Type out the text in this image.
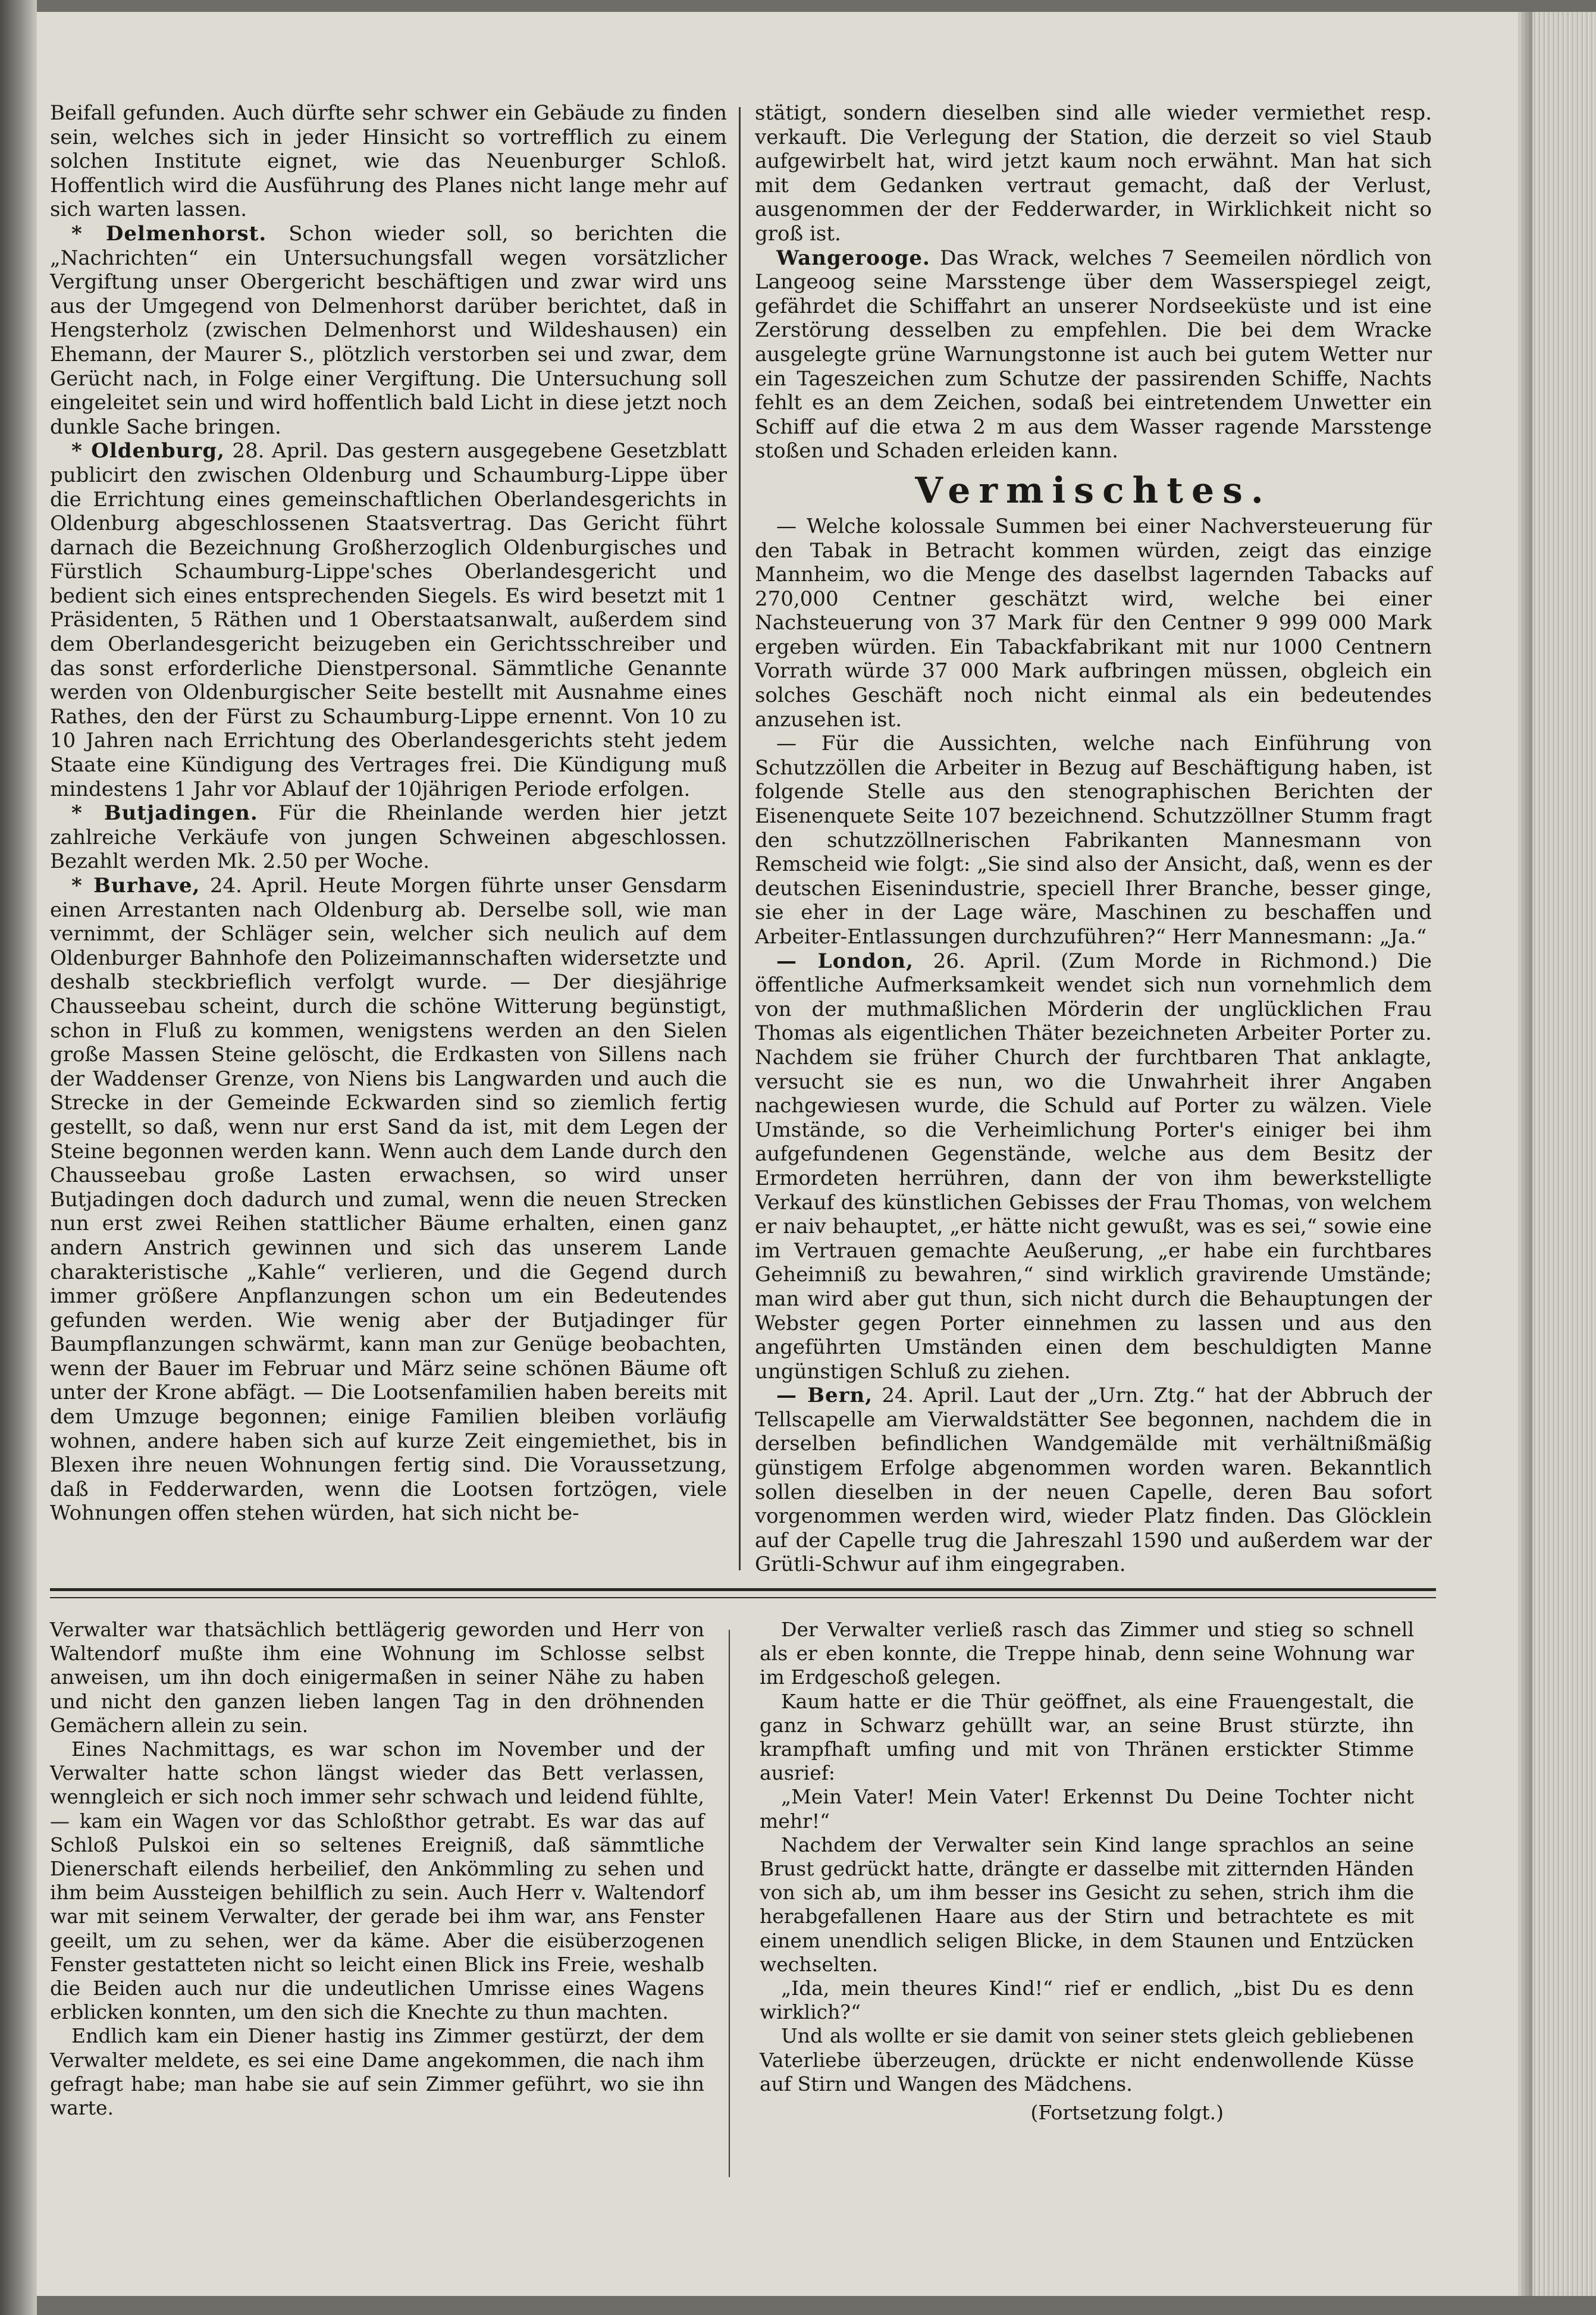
Beifall gefunden. Auch dürfte sehr schwer ein Gebäude zu finden sein, welches sich in jeder Hinsicht so vortrefflich zu einem solchen Institute eignet, wie das Neuenburger Schloß. Hoffentlich wird die Ausführung des Planes nicht lange mehr auf sich warten lassen.

* Delmenhorst. Schon wieder soll, so berichten die „Nachrichten“ ein Untersuchungsfall wegen vorsätzlicher Vergiftung unser Obergericht beschäftigen und zwar wird uns aus der Umgegend von Delmenhorst darüber berichtet, daß in Hengsterholz (zwischen Delmenhorst und Wildeshausen) ein Ehemann, der Maurer S., plötzlich verstorben sei und zwar, dem Gerücht nach, in Folge einer Vergiftung. Die Untersuchung soll eingeleitet sein und wird hoffentlich bald Licht in diese jetzt noch dunkle Sache bringen.

* Oldenburg, 28. April. Das gestern ausgegebene Gesetzblatt publicirt den zwischen Oldenburg und Schaumburg-Lippe über die Errichtung eines gemeinschaftlichen Oberlandesgerichts in Oldenburg abgeschlossenen Staatsvertrag. Das Gericht führt darnach die Bezeichnung Großherzoglich Oldenburgisches und Fürstlich Schaumburg-Lippe'sches Oberlandesgericht und bedient sich eines entsprechenden Siegels. Es wird besetzt mit 1 Präsidenten, 5 Räthen und 1 Oberstaatsanwalt, außerdem sind dem Oberlandesgericht beizugeben ein Gerichtsschreiber und das sonst erforderliche Dienstpersonal. Sämmtliche Genannte werden von Oldenburgischer Seite bestellt mit Ausnahme eines Rathes, den der Fürst zu Schaumburg-Lippe ernennt. Von 10 zu 10 Jahren nach Errichtung des Oberlandesgerichts steht jedem Staate eine Kündigung des Vertrages frei. Die Kündigung muß mindestens 1 Jahr vor Ablauf der 10jährigen Periode erfolgen.

* Butjadingen. Für die Rheinlande werden hier jetzt zahlreiche Verkäufe von jungen Schweinen abgeschlossen. Bezahlt werden Mk. 2.50 per Woche.

* Burhave, 24. April. Heute Morgen führte unser Gensdarm einen Arrestanten nach Oldenburg ab. Derselbe soll, wie man vernimmt, der Schläger sein, welcher sich neulich auf dem Oldenburger Bahnhofe den Polizeimannschaften widersetzte und deshalb steckbrieflich verfolgt wurde. — Der diesjährige Chausseebau scheint, durch die schöne Witterung begünstigt, schon in Fluß zu kommen, wenigstens werden an den Sielen große Massen Steine gelöscht, die Erdkasten von Sillens nach der Waddenser Grenze, von Niens bis Langwarden und auch die Strecke in der Gemeinde Eckwarden sind so ziemlich fertig gestellt, so daß, wenn nur erst Sand da ist, mit dem Legen der Steine begonnen werden kann. Wenn auch dem Lande durch den Chausseebau große Lasten erwachsen, so wird unser Butjadingen doch dadurch und zumal, wenn die neuen Strecken nun erst zwei Reihen stattlicher Bäume erhalten, einen ganz andern Anstrich gewinnen und sich das unserem Lande charakteristische „Kahle“ verlieren, und die Gegend durch immer größere Anpflanzungen schon um ein Bedeutendes gefunden werden. Wie wenig aber der Butjadinger für Baumpflanzungen schwärmt, kann man zur Genüge beobachten, wenn der Bauer im Februar und März seine schönen Bäume oft unter der Krone abfägt. — Die Lootsenfamilien haben bereits mit dem Umzuge begonnen; einige Familien bleiben vorläufig wohnen, andere haben sich auf kurze Zeit eingemiethet, bis in Blexen ihre neuen Wohnungen fertig sind. Die Voraussetzung, daß in Fedderwarden, wenn die Lootsen fortzögen, viele Wohnungen offen stehen würden, hat sich nicht be-

stätigt, sondern dieselben sind alle wieder vermiethet resp. verkauft. Die Verlegung der Station, die derzeit so viel Staub aufgewirbelt hat, wird jetzt kaum noch erwähnt. Man hat sich mit dem Gedanken vertraut gemacht, daß der Verlust, ausgenommen der der Fedderwarder, in Wirklichkeit nicht so groß ist.

Wangerooge. Das Wrack, welches 7 Seemeilen nördlich von Langeoog seine Marsstenge über dem Wasserspiegel zeigt, gefährdet die Schiffahrt an unserer Nordseeküste und ist eine Zerstörung desselben zu empfehlen. Die bei dem Wracke ausgelegte grüne Warnungstonne ist auch bei gutem Wetter nur ein Tageszeichen zum Schutze der passirenden Schiffe, Nachts fehlt es an dem Zeichen, sodaß bei eintretendem Unwetter ein Schiff auf die etwa 2 m aus dem Wasser ragende Marsstenge stoßen und Schaden erleiden kann.

Vermischtes.

— Welche kolossale Summen bei einer Nachversteuerung für den Tabak in Betracht kommen würden, zeigt das einzige Mannheim, wo die Menge des daselbst lagernden Tabacks auf 270,000 Centner geschätzt wird, welche bei einer Nachsteuerung von 37 Mark für den Centner 9 999 000 Mark ergeben würden. Ein Tabackfabrikant mit nur 1000 Centnern Vorrath würde 37 000 Mark aufbringen müssen, obgleich ein solches Geschäft noch nicht einmal als ein bedeutendes anzusehen ist.

— Für die Aussichten, welche nach Einführung von Schutzzöllen die Arbeiter in Bezug auf Beschäftigung haben, ist folgende Stelle aus den stenographischen Berichten der Eisenenquete Seite 107 bezeichnend. Schutzzöllner Stumm fragt den schutzzöllnerischen Fabrikanten Mannesmann von Remscheid wie folgt: „Sie sind also der Ansicht, daß, wenn es der deutschen Eisenindustrie, speciell Ihrer Branche, besser ginge, sie eher in der Lage wäre, Maschinen zu beschaffen und Arbeiter-Entlassungen durchzuführen?“ Herr Mannesmann: „Ja.“

— London, 26. April. (Zum Morde in Richmond.) Die öffentliche Aufmerksamkeit wendet sich nun vornehmlich dem von der muthmaßlichen Mörderin der unglücklichen Frau Thomas als eigentlichen Thäter bezeichneten Arbeiter Porter zu. Nachdem sie früher Church der furchtbaren That anklagte, versucht sie es nun, wo die Unwahrheit ihrer Angaben nachgewiesen wurde, die Schuld auf Porter zu wälzen. Viele Umstände, so die Verheimlichung Porter's einiger bei ihm aufgefundenen Gegenstände, welche aus dem Besitz der Ermordeten herrühren, dann der von ihm bewerkstelligte Verkauf des künstlichen Gebisses der Frau Thomas, von welchem er naiv behauptet, „er hätte nicht gewußt, was es sei,“ sowie eine im Vertrauen gemachte Aeußerung, „er habe ein furchtbares Geheimniß zu bewahren,“ sind wirklich gravirende Umstände; man wird aber gut thun, sich nicht durch die Behauptungen der Webster gegen Porter einnehmen zu lassen und aus den angeführten Umständen einen dem beschuldigten Manne ungünstigen Schluß zu ziehen.

— Bern, 24. April. Laut der „Urn. Ztg.“ hat der Abbruch der Tellscapelle am Vierwaldstätter See begonnen, nachdem die in derselben befindlichen Wandgemälde mit verhältnißmäßig günstigem Erfolge abgenommen worden waren. Bekanntlich sollen dieselben in der neuen Capelle, deren Bau sofort vorgenommen werden wird, wieder Platz finden. Das Glöcklein auf der Capelle trug die Jahreszahl 1590 und außerdem war der Grütli-Schwur auf ihm eingegraben.

Verwalter war thatsächlich bettlägerig geworden und Herr von Waltendorf mußte ihm eine Wohnung im Schlosse selbst anweisen, um ihn doch einigermaßen in seiner Nähe zu haben und nicht den ganzen lieben langen Tag in den dröhnenden Gemächern allein zu sein.

Eines Nachmittags, es war schon im November und der Verwalter hatte schon längst wieder das Bett verlassen, wenngleich er sich noch immer sehr schwach und leidend fühlte, — kam ein Wagen vor das Schloßthor getrabt. Es war das auf Schloß Pulskoi ein so seltenes Ereigniß, daß sämmtliche Dienerschaft eilends herbeilief, den Ankömmling zu sehen und ihm beim Aussteigen behilflich zu sein. Auch Herr v. Waltendorf war mit seinem Verwalter, der gerade bei ihm war, ans Fenster geeilt, um zu sehen, wer da käme. Aber die eisüberzogenen Fenster gestatteten nicht so leicht einen Blick ins Freie, weshalb die Beiden auch nur die undeutlichen Umrisse eines Wagens erblicken konnten, um den sich die Knechte zu thun machten.

Endlich kam ein Diener hastig ins Zimmer gestürzt, der dem Verwalter meldete, es sei eine Dame angekommen, die nach ihm gefragt habe; man habe sie auf sein Zimmer geführt, wo sie ihn warte.

Der Verwalter verließ rasch das Zimmer und stieg so schnell als er eben konnte, die Treppe hinab, denn seine Wohnung war im Erdgeschoß gelegen.

Kaum hatte er die Thür geöffnet, als eine Frauengestalt, die ganz in Schwarz gehüllt war, an seine Brust stürzte, ihn krampfhaft umfing und mit von Thränen erstickter Stimme ausrief:

„Mein Vater! Mein Vater! Erkennst Du Deine Tochter nicht mehr!“

Nachdem der Verwalter sein Kind lange sprachlos an seine Brust gedrückt hatte, drängte er dasselbe mit zitternden Händen von sich ab, um ihm besser ins Gesicht zu sehen, strich ihm die herabgefallenen Haare aus der Stirn und betrachtete es mit einem unendlich seligen Blicke, in dem Staunen und Entzücken wechselten.

„Ida, mein theures Kind!“ rief er endlich, „bist Du es denn wirklich?“

Und als wollte er sie damit von seiner stets gleich gebliebenen Vaterliebe überzeugen, drückte er nicht endenwollende Küsse auf Stirn und Wangen des Mädchens.

(Fortsetzung folgt.)
